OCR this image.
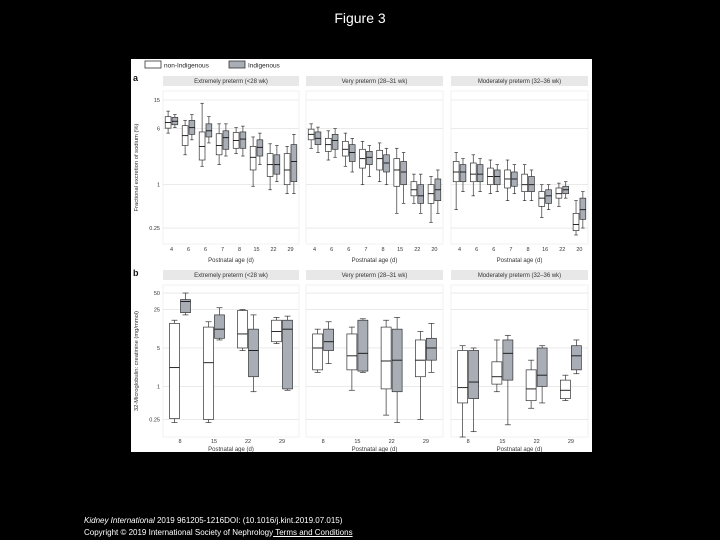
Figure 3
non-Indigenous	Indigenous
a
Fractional excretion of sodium (%)
0.25
1
6
15
Extremely preterm (<28 wk)
4	6	6	7	8 15 22 29
Postnatal age (d)
Very preterm (28–31 wk)
4	6	6	7	8 15 22 20
Postnatal age (d)
Moderately preterm (32–36 wk)
4	6	6	7	8 16 22 20
Postnatal age (d)
b
32-Microglobulin: creatinine (mg/mmol)
0.25
1
5
25
50
Extremely preterm (<28 wk)
8	15	22	29
Postnatal age (d)
Very preterm (28–31 wk)
8	15	22	29
Postnatal age (d)
Moderately preterm (32–36 wk)
8	15	22	29
Postnatal age (d)
Kidney International 2019 961205-1216DOI: (10.1016/j.kint.2019.07.015)
Copyright © 2019 International Society of Nephrology Terms and Conditions
